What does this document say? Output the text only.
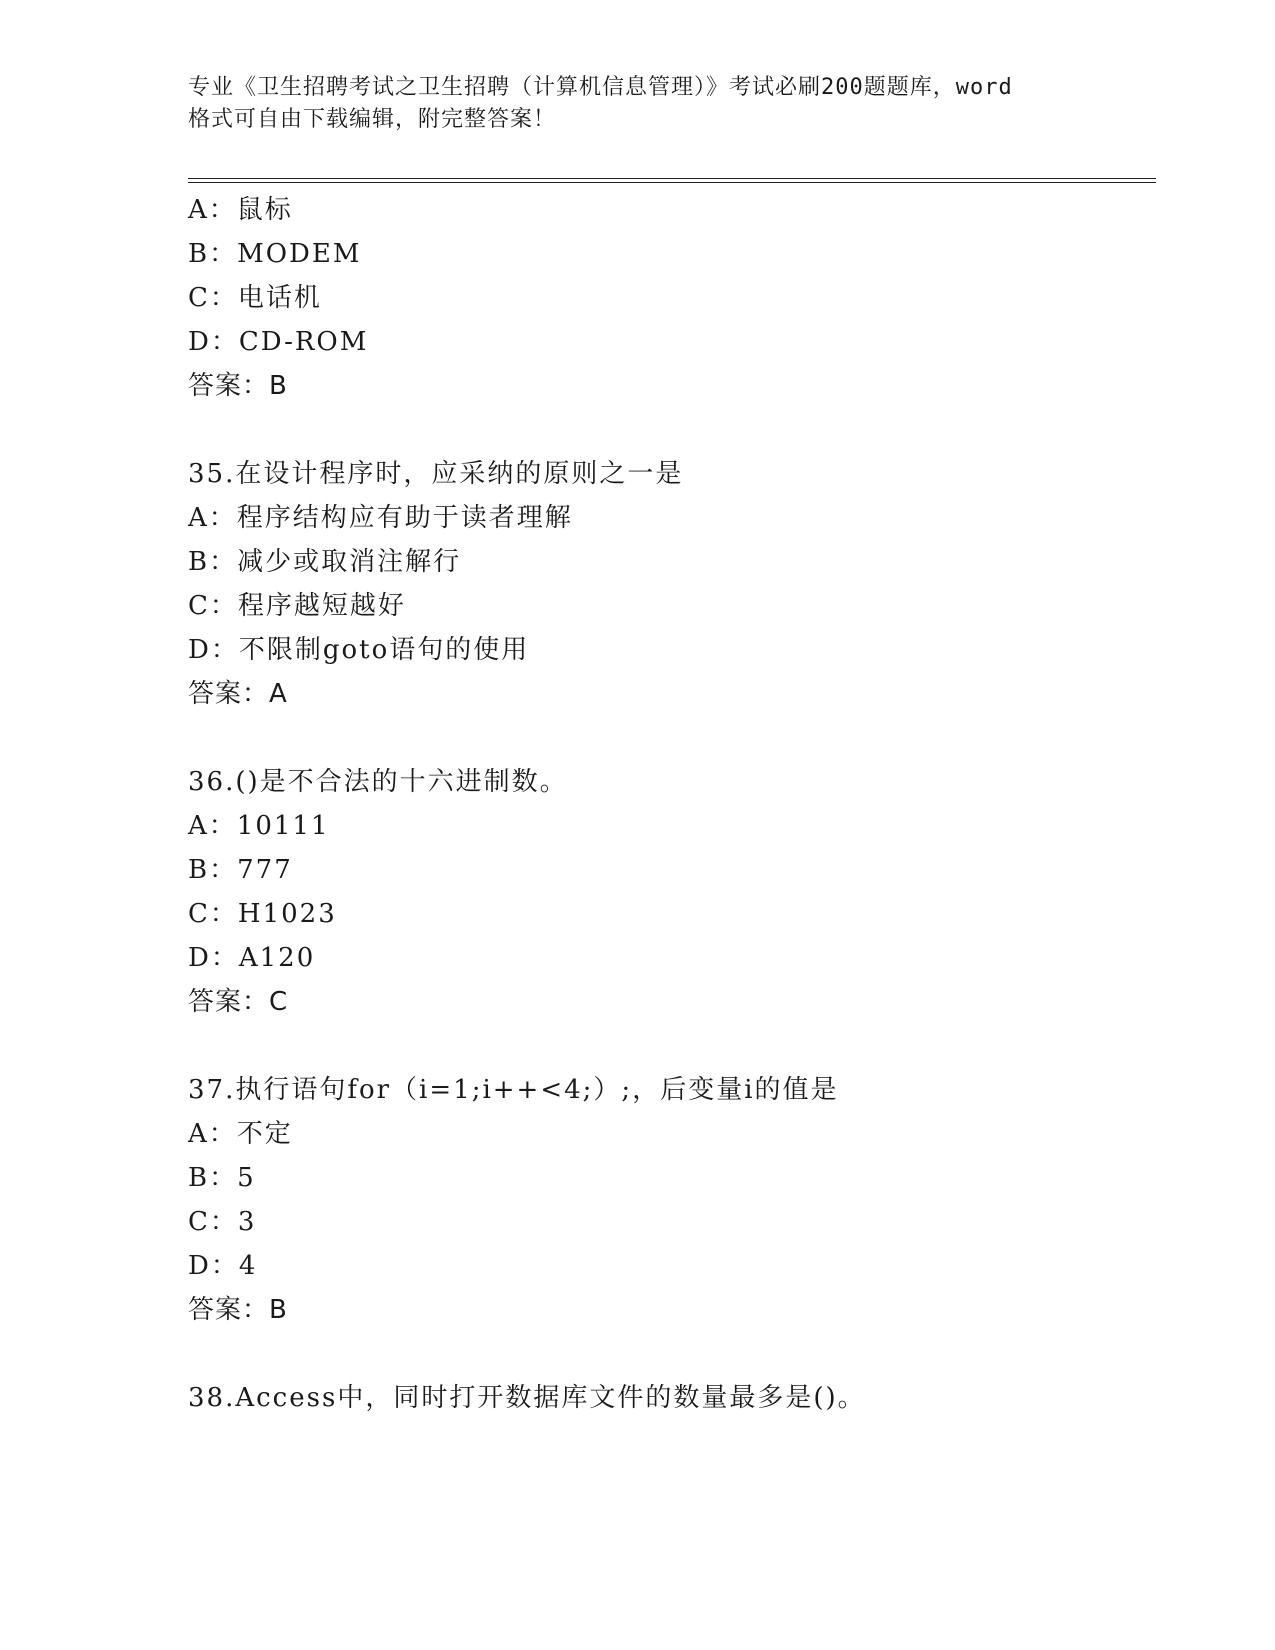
专业《卫生招聘考试之卫生招聘（计算机信息管理）》考试必刷200题题库，word
格式可自由下载编辑，附完整答案！
A：鼠标
B：MODEM
C：电话机
D：CD-ROM
答案：B
35.在设计程序时，应采纳的原则之一是
A：程序结构应有助于读者理解
B：减少或取消注解行
C：程序越短越好
D：不限制goto语句的使用
答案：A
36.()是不合法的十六进制数。
A：10111
B：777
C：H1023
D：A120
答案：C
37.执行语句for（i=1;i++<4;）;，后变量i的值是
A：不定
B：5
C：3
D：4
答案：B
38.Access中，同时打开数据库文件的数量最多是()。
